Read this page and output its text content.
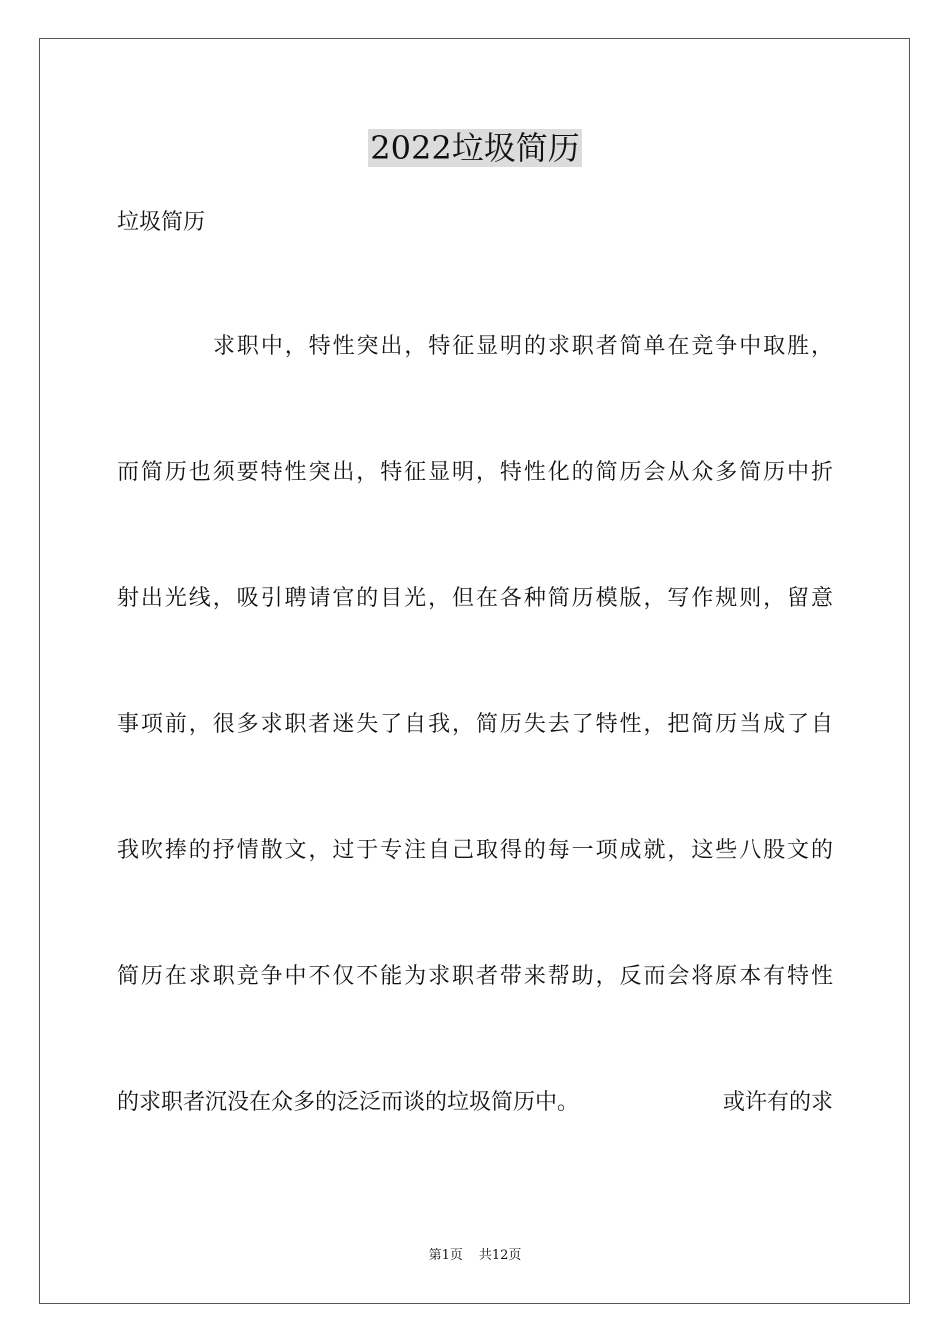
2022垃圾简历

垃圾简历

求职中，特性突出，特征显明的求职者简单在竞争中取胜，
而简历也须要特性突出，特征显明，特性化的简历会从众多简历中折
射出光线，吸引聘请官的目光，但在各种简历模版，写作规则，留意
事项前，很多求职者迷失了自我，简历失去了特性，把简历当成了自
我吹捧的抒情散文，过于专注自己取得的每一项成就，这些八股文的
简历在求职竞争中不仅不能为求职者带来帮助，反而会将原本有特性
的求职者沉没在众多的泛泛而谈的垃圾简历中。	或许有的求

第1页 共12页
